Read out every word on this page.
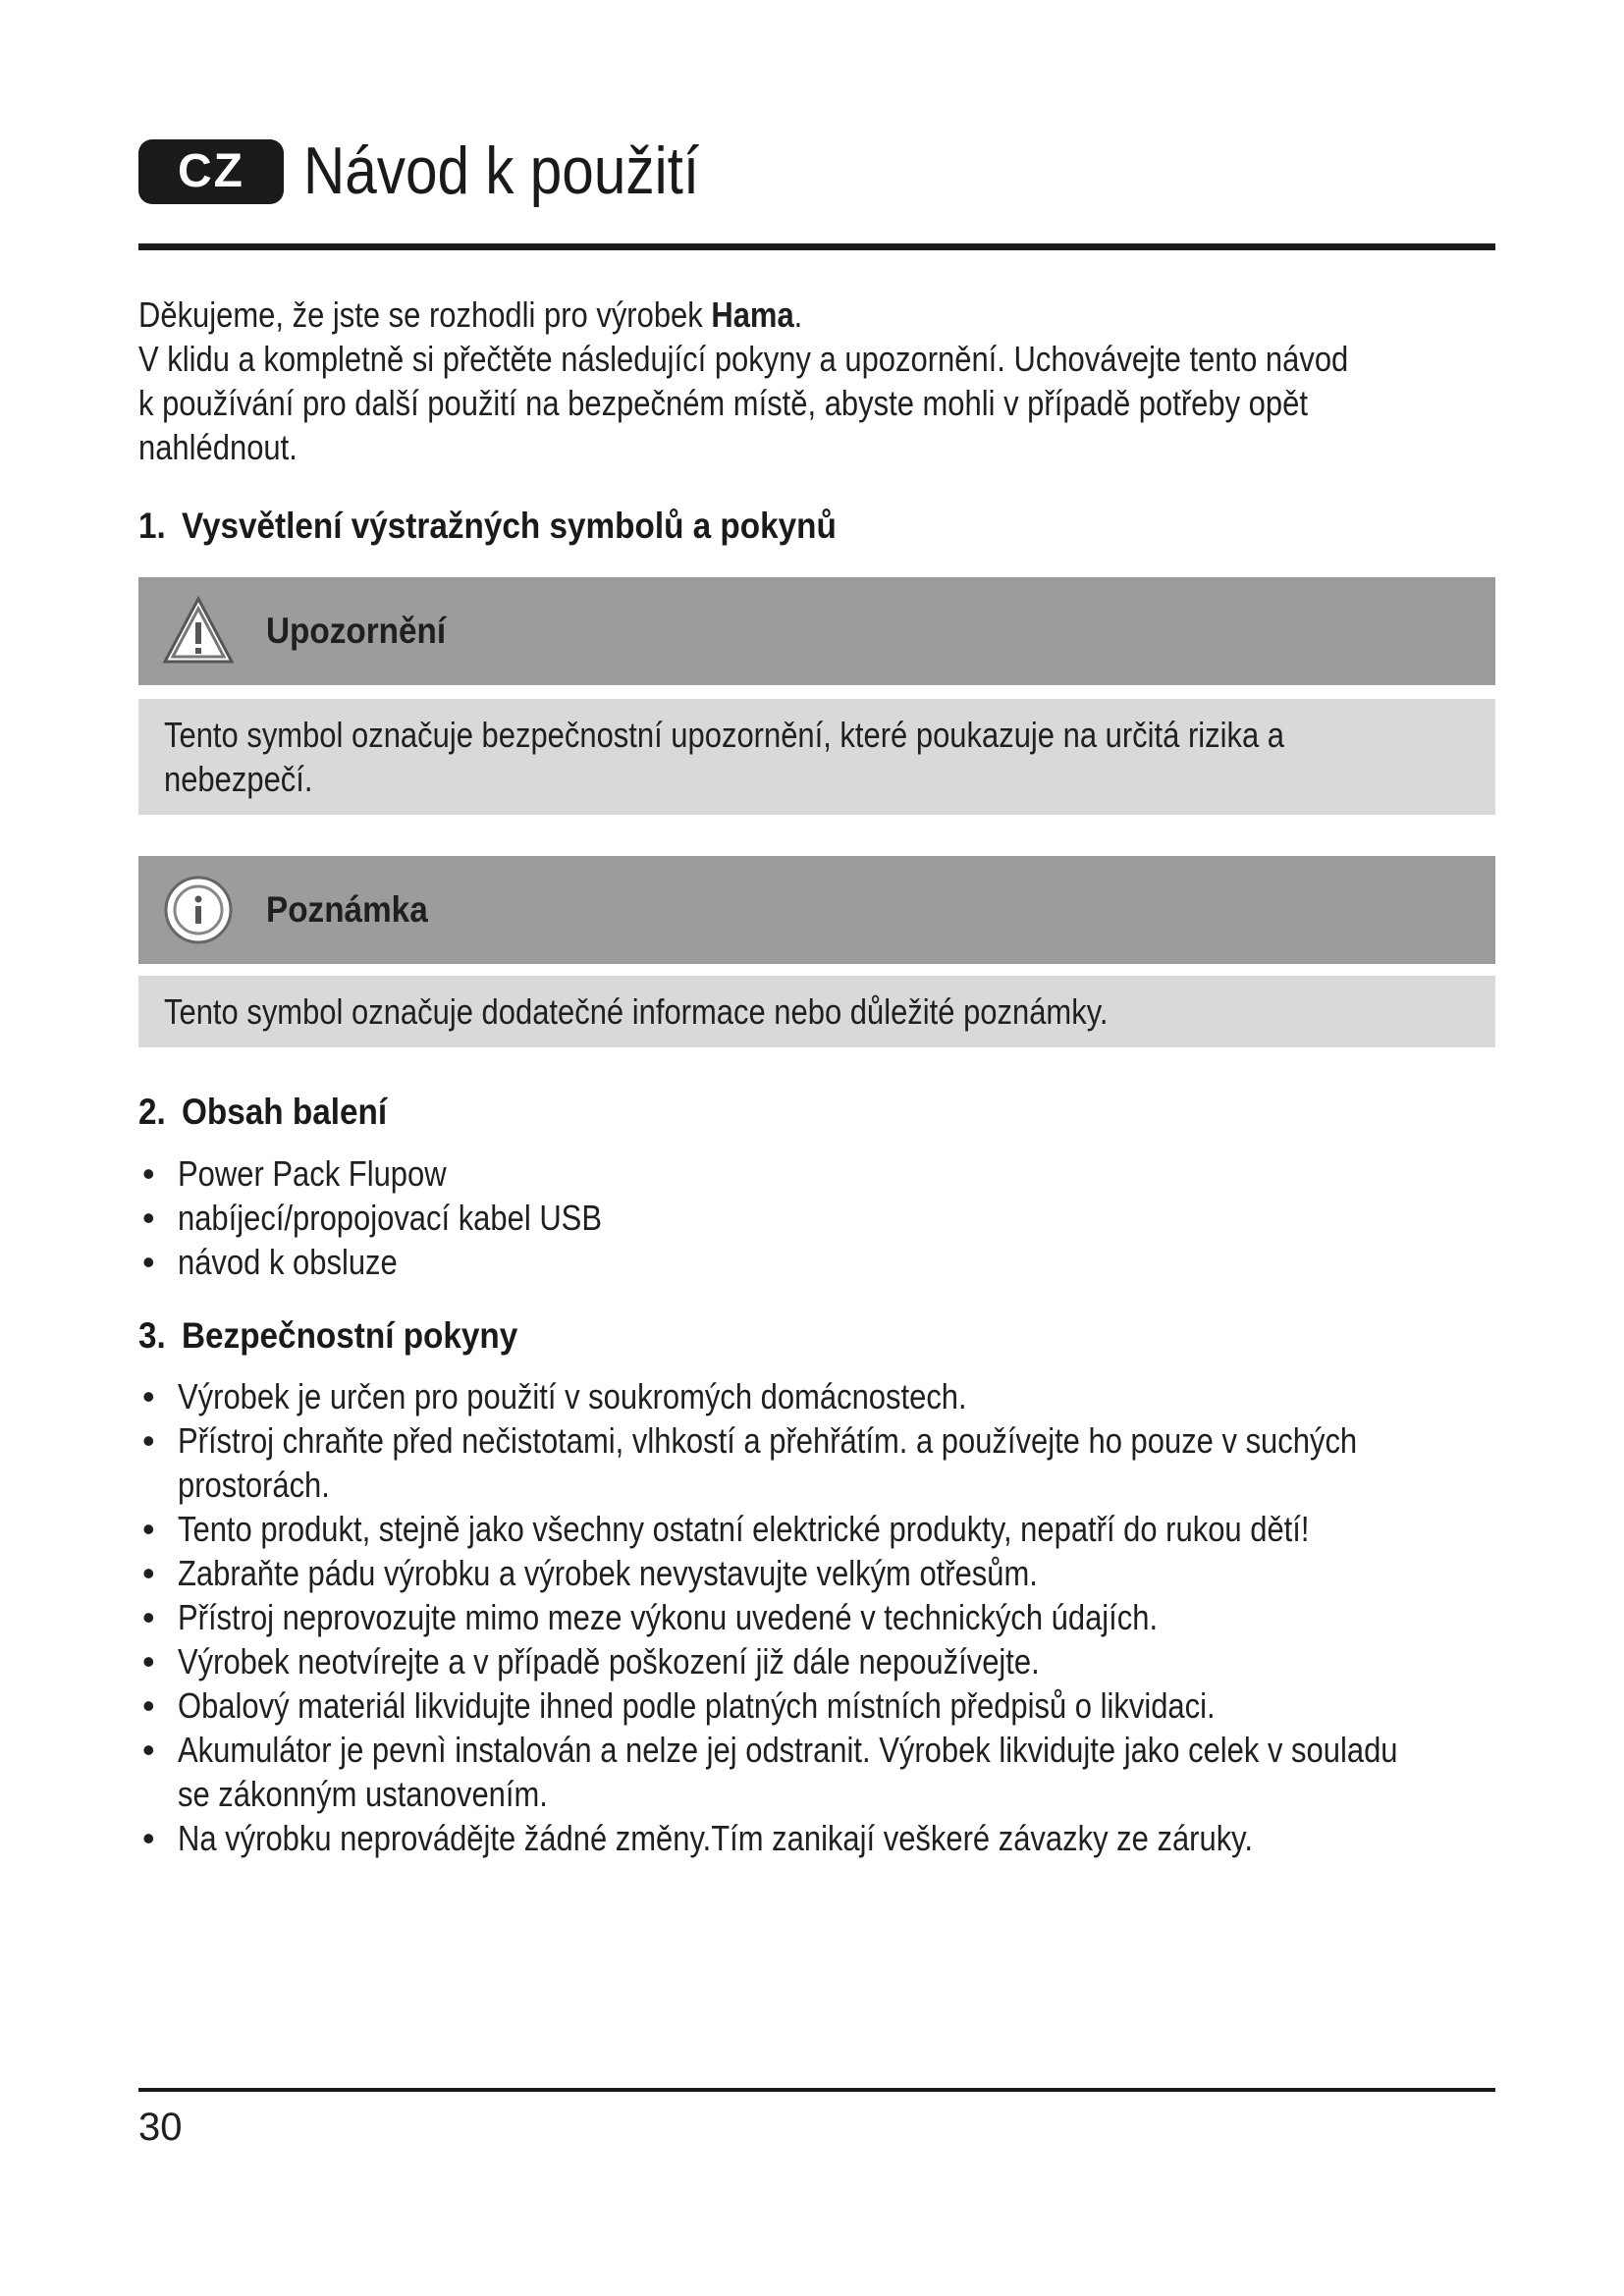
CZ Návod k použití

Děkujeme, že jste se rozhodli pro výrobek Hama.

V klidu a kompletně si přečtěte následující pokyny a upozornění. Uchovávejte tento návod

k používání pro další použití na bezpečném místě, abyste mohli v případě potřeby opět

nahlédnout.

1. Vysvětlení výstražných symbolů a pokynů
Upozornění
Tento symbol označuje bezpečnostní upozornění, které poukazuje na určitá rizika a
nebezpečí.
Poznámka
Tento symbol označuje dodatečné informace nebo důležité poznámky.
2. Obsah balení
• Power Pack Flupow
• nabíjecí/propojovací kabel USB
• návod k obsluze
3. Bezpečnostní pokyny
• Výrobek je určen pro použití v soukromých domácnostech.
• Přístroj chraňte před nečistotami, vlhkostí a přehřátím. a používejte ho pouze v suchých
prostorách.
• Tento produkt, stejně jako všechny ostatní elektrické produkty, nepatří do rukou dětí!
• Zabraňte pádu výrobku a výrobek nevystavujte velkým otřesům.
• Přístroj neprovozujte mimo meze výkonu uvedené v technických údajích.
• Výrobek neotvírejte a v případě poškození již dále nepoužívejte.
• Obalový materiál likvidujte ihned podle platných místních předpisů o likvidaci.
• Akumulátor je pevnì instalován a nelze jej odstranit. Výrobek likvidujte jako celek v souladu
se zákonným ustanovením.
• Na výrobku neprovádějte žádné změny.Tím zanikají veškeré závazky ze záruky.
30
